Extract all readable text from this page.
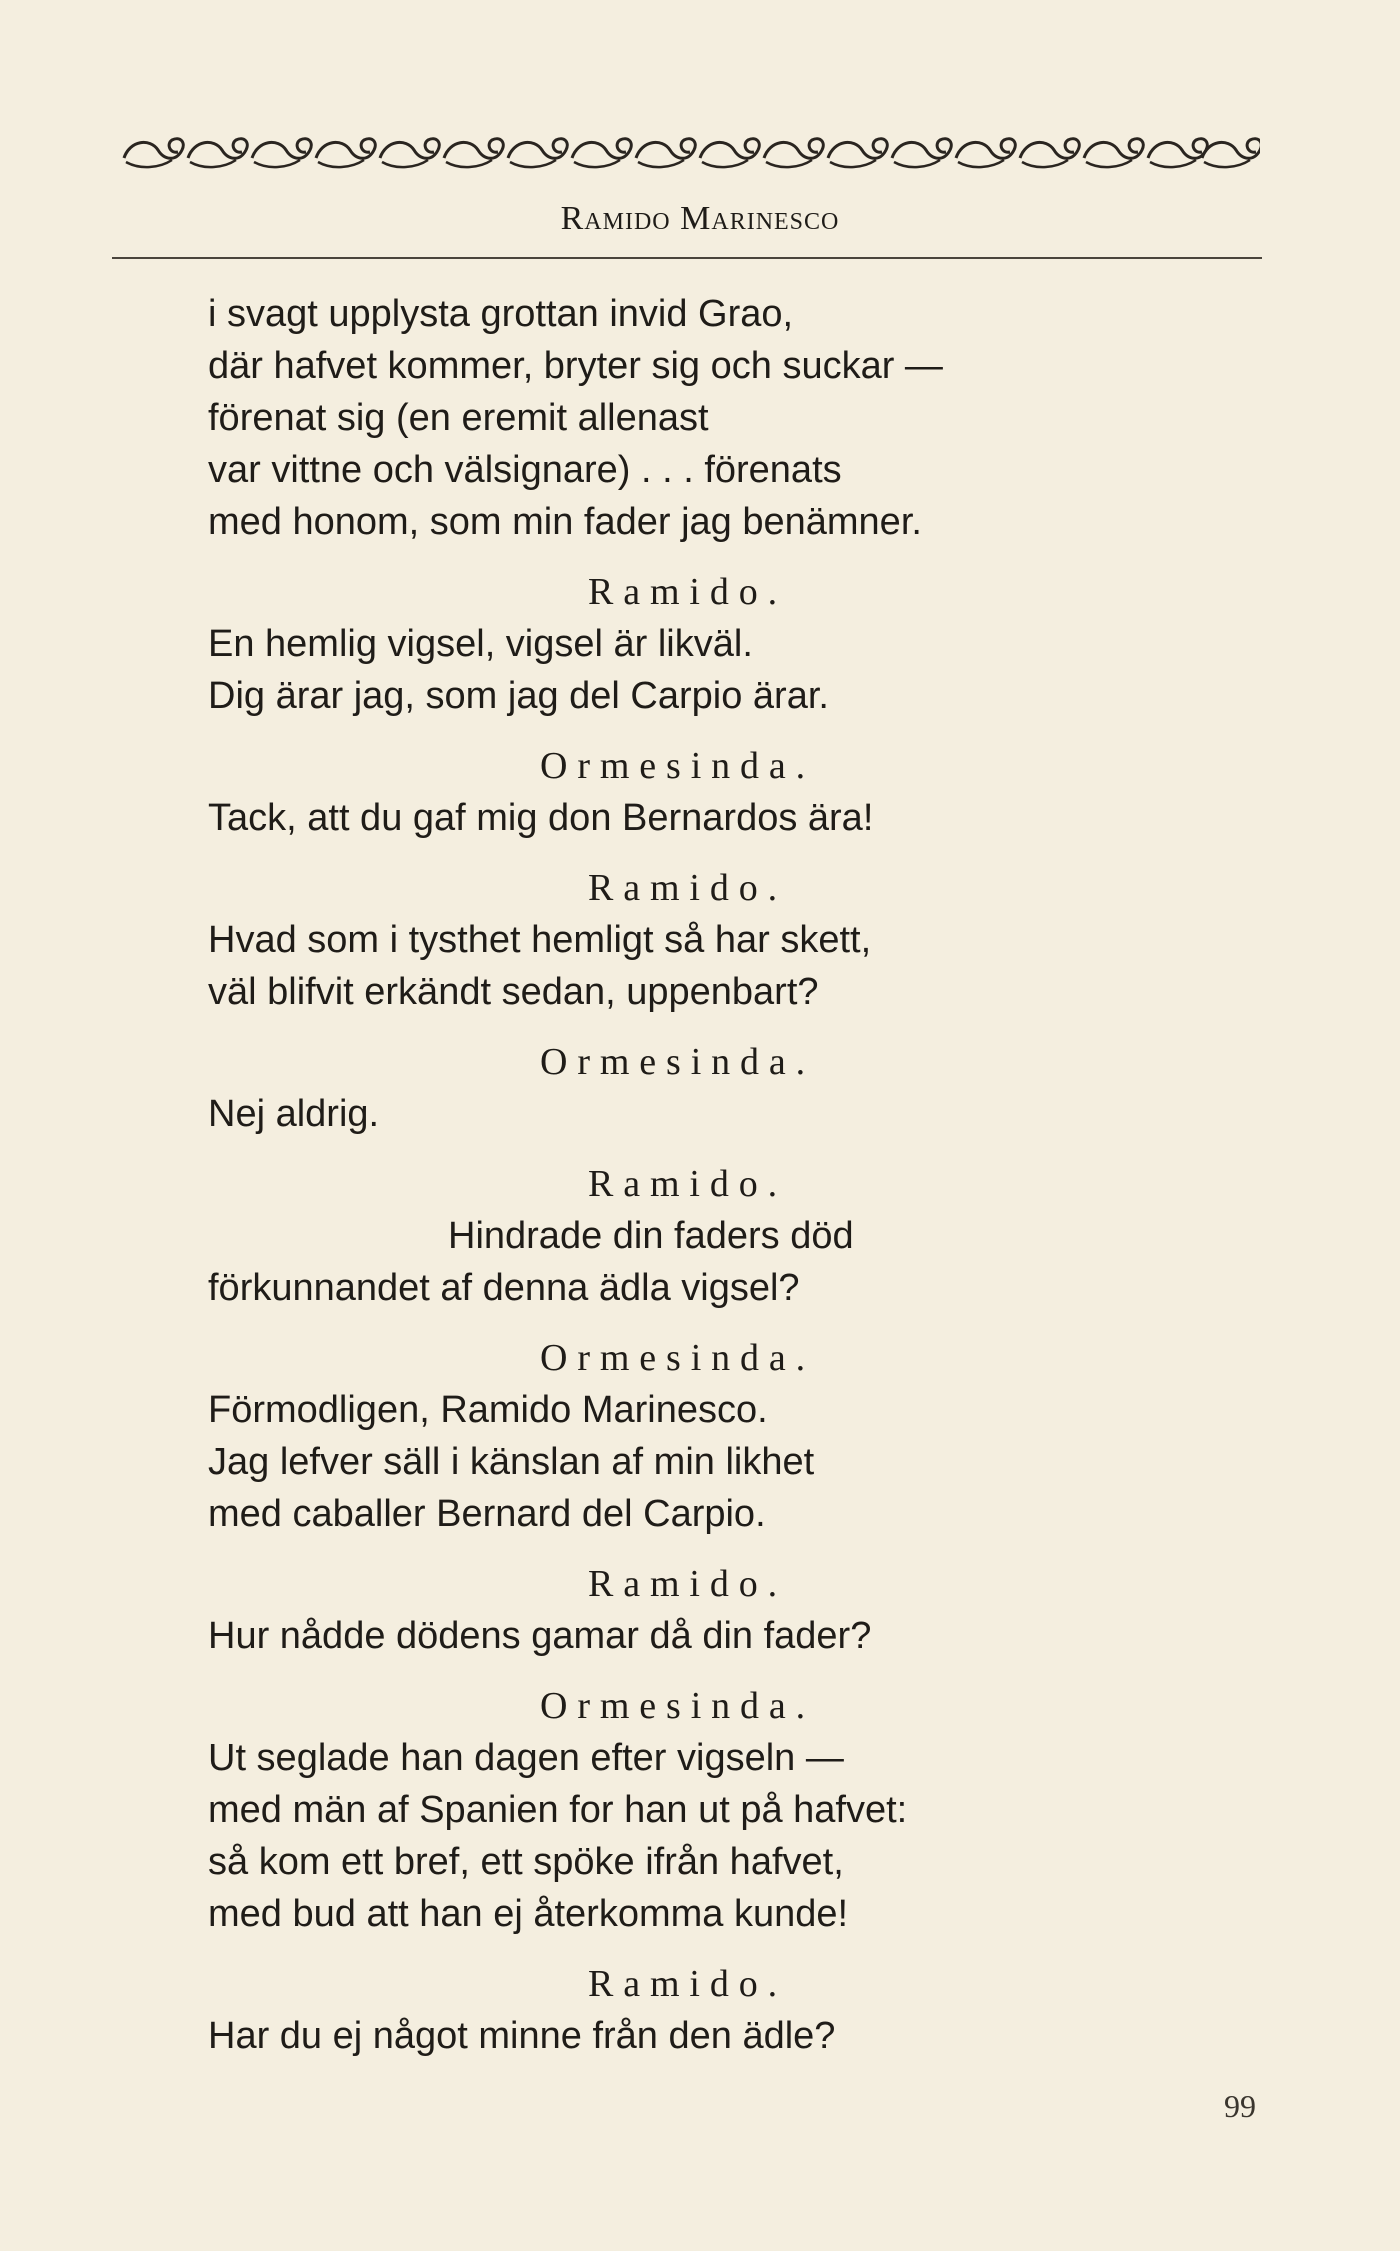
Ramido Marinesco
i svagt upplysta grottan invid Grao,
där hafvet kommer, bryter sig och suckar —
förenat sig (en eremit allenast
var vittne och välsignare) . . . förenats
med honom, som min fader jag benämner.
Ramido.
En hemlig vigsel, vigsel är likväl.
Dig ärar jag, som jag del Carpio ärar.
Ormesinda.
Tack, att du gaf mig don Bernardos ära!
Ramido.
Hvad som i tysthet hemligt så har skett,
väl blifvit erkändt sedan, uppenbart?
Ormesinda.
Nej aldrig.
Ramido.
Hindrade din faders död
förkunnandet af denna ädla vigsel?
Ormesinda.
Förmodligen, Ramido Marinesco.
Jag lefver säll i känslan af min likhet
med caballer Bernard del Carpio.
Ramido.
Hur nådde dödens gamar då din fader?
Ormesinda.
Ut seglade han dagen efter vigseln —
med män af Spanien for han ut på hafvet:
så kom ett bref, ett spöke ifrån hafvet,
med bud att han ej återkomma kunde!
Ramido.
Har du ej något minne från den ädle?
99
